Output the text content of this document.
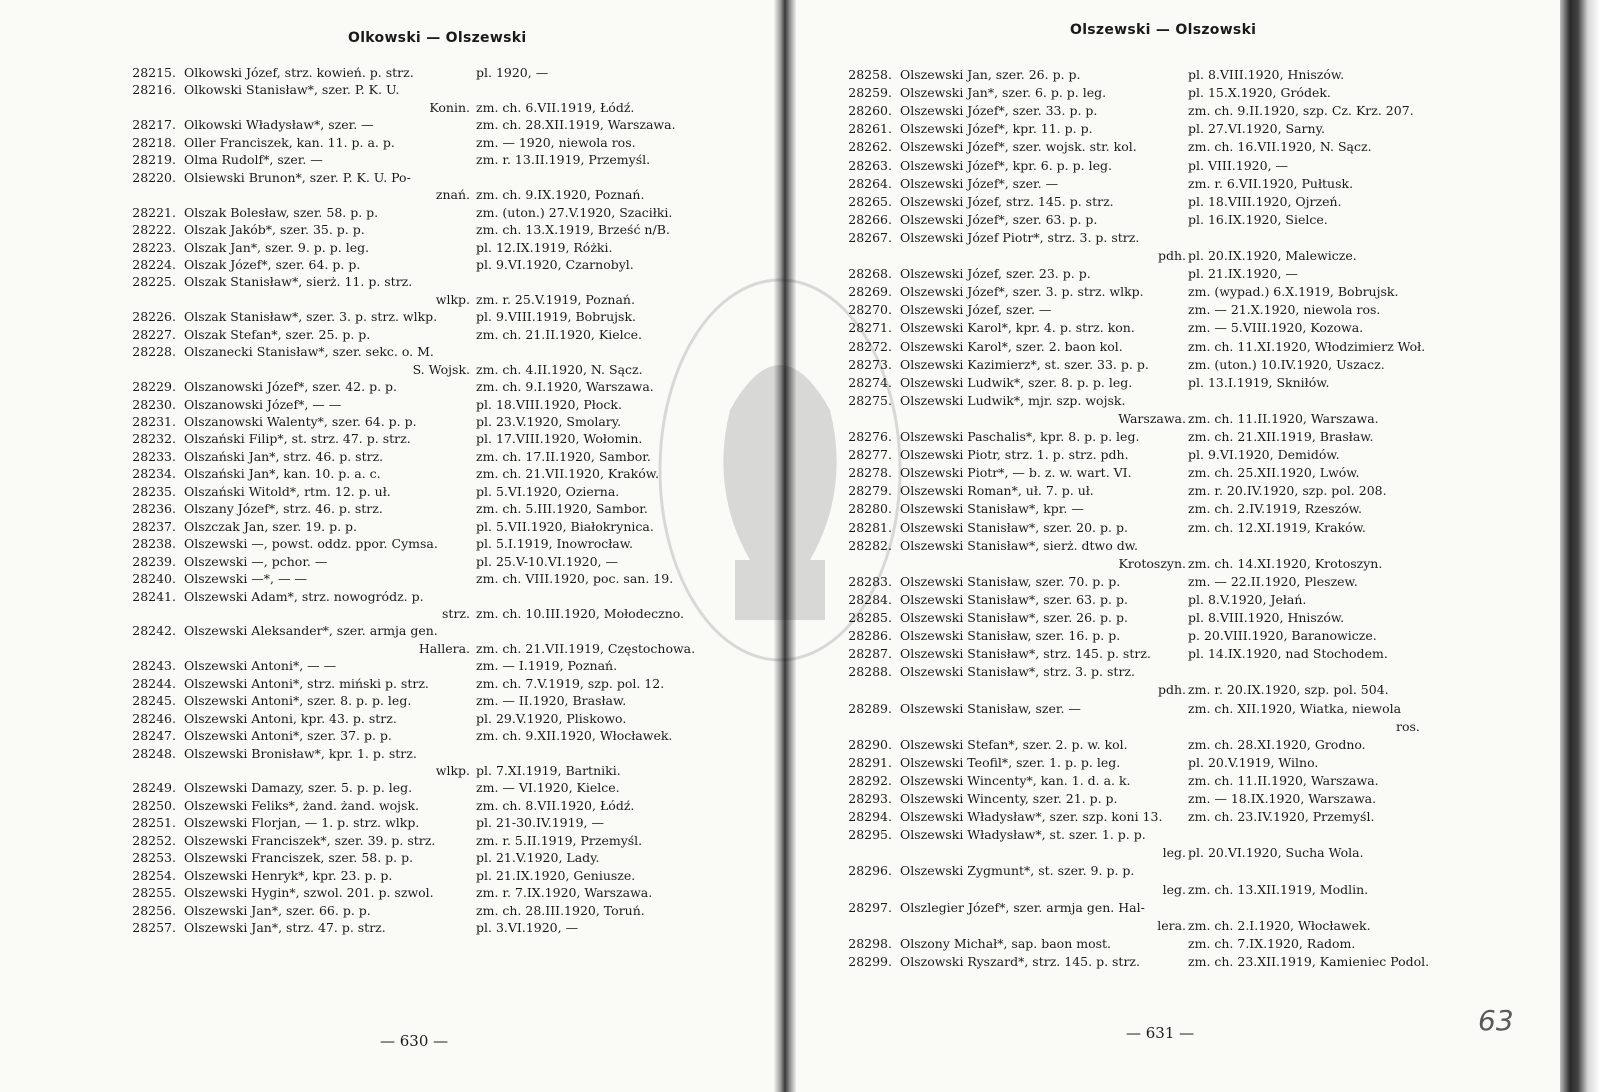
Olkowski — Olszewski
28215. Olkowski Józef, strz. kowień. p. strz.	pl. 1920, —
28216. Olkowski Stanisław*, szer. P. K. U.
Konin. zm. ch. 6.VII.1919, Łódź.
28217. Olkowski Władysław*, szer. —	zm. ch. 28.XII.1919, Warszawa.
28218. Oller Franciszek, kan. 11. p. a. p.	zm. — 1920, niewola ros.
28219. Olma Rudolf*, szer. —	zm. r. 13.II.1919, Przemyśl.
28220. Olsiewski Brunon*, szer. P. K. U. Po-
znań. zm. ch. 9.IX.1920, Poznań.
28221. Olszak Bolesław, szer. 58. p. p.	zm. (uton.) 27.V.1920, Szaciłki.
28222. Olszak Jakób*, szer. 35. p. p.	zm. ch. 13.X.1919, Brześć n/B.
28223. Olszak Jan*, szer. 9. p. p. leg.	pl. 12.IX.1919, Różki.
28224. Olszak Józef*, szer. 64. p. p.	pl. 9.VI.1920, Czarnobyl.
28225. Olszak Stanisław*, sierż. 11. p. strz.
wlkp. zm. r. 25.V.1919, Poznań.
28226. Olszak Stanisław*, szer. 3. p. strz. wlkp.	pl. 9.VIII.1919, Bobrujsk.
28227. Olszak Stefan*, szer. 25. p. p.	zm. ch. 21.II.1920, Kielce.
28228. Olszanecki Stanisław*, szer. sekc. o. M.
S. Wojsk. zm. ch. 4.II.1920, N. Sącz.
28229. Olszanowski Józef*, szer. 42. p. p.	zm. ch. 9.I.1920, Warszawa.
28230. Olszanowski Józef*, — —	pl. 18.VIII.1920, Płock.
28231. Olszanowski Walenty*, szer. 64. p. p.	pl. 23.V.1920, Smolary.
28232. Olszański Filip*, st. strz. 47. p. strz.	pl. 17.VIII.1920, Wołomin.
28233. Olszański Jan*, strz. 46. p. strz.	zm. ch. 17.II.1920, Sambor.
28234. Olszański Jan*, kan. 10. p. a. c.	zm. ch. 21.VII.1920, Kraków.
28235. Olszański Witold*, rtm. 12. p. uł.	pl. 5.VI.1920, Ozierna.
28236. Olszany Józef*, strz. 46. p. strz.	zm. ch. 5.III.1920, Sambor.
28237. Olszczak Jan, szer. 19. p. p.	pl. 5.VII.1920, Białokrynica.
28238. Olszewski —, powst. oddz. ppor. Cymsa.	pl. 5.I.1919, Inowrocław.
28239. Olszewski —, pchor. —	pl. 25.V-10.VI.1920, —
28240. Olszewski —*, — —	zm. ch. VIII.1920, poc. san. 19.
28241. Olszewski Adam*, strz. nowogródz. p.
strz. zm. ch. 10.III.1920, Mołodeczno.
28242. Olszewski Aleksander*, szer. armja gen.
Hallera. zm. ch. 21.VII.1919, Częstochowa.
28243. Olszewski Antoni*, — —	zm. — I.1919, Poznań.
28244. Olszewski Antoni*, strz. miński p. strz.	zm. ch. 7.V.1919, szp. pol. 12.
28245. Olszewski Antoni*, szer. 8. p. p. leg.	zm. — II.1920, Brasław.
28246. Olszewski Antoni, kpr. 43. p. strz.	pl. 29.V.1920, Pliskowo.
28247. Olszewski Antoni*, szer. 37. p. p.	zm. ch. 9.XII.1920, Włocławek.
28248. Olszewski Bronisław*, kpr. 1. p. strz.
wlkp. pl. 7.XI.1919, Bartniki.
28249. Olszewski Damazy, szer. 5. p. p. leg.	zm. — VI.1920, Kielce.
28250. Olszewski Feliks*, żand. żand. wojsk.	zm. ch. 8.VII.1920, Łódź.
28251. Olszewski Florjan, — 1. p. strz. wlkp.	pl. 21-30.IV.1919, —
28252. Olszewski Franciszek*, szer. 39. p. strz.	zm. r. 5.II.1919, Przemyśl.
28253. Olszewski Franciszek, szer. 58. p. p.	pl. 21.V.1920, Lady.
28254. Olszewski Henryk*, kpr. 23. p. p.	pl. 21.IX.1920, Geniusze.
28255. Olszewski Hygin*, szwol. 201. p. szwol.	zm. r. 7.IX.1920, Warszawa.
28256. Olszewski Jan*, szer. 66. p. p.	zm. ch. 28.III.1920, Toruń.
28257. Olszewski Jan*, strz. 47. p. strz.	pl. 3.VI.1920, —
— 630 —
Olszewski — Olszowski
28258. Olszewski Jan, szer. 26. p. p.	pl. 8.VIII.1920, Hniszów.
28259. Olszewski Jan*, szer. 6. p. p. leg.	pl. 15.X.1920, Gródek.
28260. Olszewski Józef*, szer. 33. p. p.	zm. ch. 9.II.1920, szp. Cz. Krz. 207.
28261. Olszewski Józef*, kpr. 11. p. p.	pl. 27.VI.1920, Sarny.
28262. Olszewski Józef*, szer. wojsk. str. kol.	zm. ch. 16.VII.1920, N. Sącz.
28263. Olszewski Józef*, kpr. 6. p. p. leg.	pl. VIII.1920, —
28264. Olszewski Józef*, szer. —	zm. r. 6.VII.1920, Pułtusk.
28265. Olszewski Józef, strz. 145. p. strz.	pl. 18.VIII.1920, Ojrzeń.
28266. Olszewski Józef*, szer. 63. p. p.	pl. 16.IX.1920, Sielce.
28267. Olszewski Józef Piotr*, strz. 3. p. strz.
pdh. pl. 20.IX.1920, Malewicze.
28268. Olszewski Józef, szer. 23. p. p.	pl. 21.IX.1920, —
28269. Olszewski Józef*, szer. 3. p. strz. wlkp.	zm. (wypad.) 6.X.1919, Bobrujsk.
28270. Olszewski Józef, szer. —	zm. — 21.X.1920, niewola ros.
28271. Olszewski Karol*, kpr. 4. p. strz. kon.	zm. — 5.VIII.1920, Kozowa.
28272. Olszewski Karol*, szer. 2. baon kol.	zm. ch. 11.XI.1920, Włodzimierz Woł.
28273. Olszewski Kazimierz*, st. szer. 33. p. p.	zm. (uton.) 10.IV.1920, Uszacz.
28274. Olszewski Ludwik*, szer. 8. p. p. leg.	pl. 13.I.1919, Skniłów.
28275. Olszewski Ludwik*, mjr. szp. wojsk.
Warszawa. zm. ch. 11.II.1920, Warszawa.
28276. Olszewski Paschalis*, kpr. 8. p. p. leg.	zm. ch. 21.XII.1919, Brasław.
28277. Olszewski Piotr, strz. 1. p. strz. pdh.	pl. 9.VI.1920, Demidów.
28278. Olszewski Piotr*, — b. z. w. wart. VI.	zm. ch. 25.XII.1920, Lwów.
28279. Olszewski Roman*, uł. 7. p. uł.	zm. r. 20.IV.1920, szp. pol. 208.
28280. Olszewski Stanisław*, kpr. —	zm. ch. 2.IV.1919, Rzeszów.
28281. Olszewski Stanisław*, szer. 20. p. p.	zm. ch. 12.XI.1919, Kraków.
28282. Olszewski Stanisław*, sierż. dtwo dw.
Krotoszyn. zm. ch. 14.XI.1920, Krotoszyn.
28283. Olszewski Stanisław, szer. 70. p. p.	zm. — 22.II.1920, Pleszew.
28284. Olszewski Stanisław*, szer. 63. p. p.	pl. 8.V.1920, Jełań.
28285. Olszewski Stanisław*, szer. 26. p. p.	pl. 8.VIII.1920, Hniszów.
28286. Olszewski Stanisław, szer. 16. p. p.	p. 20.VIII.1920, Baranowicze.
28287. Olszewski Stanisław*, strz. 145. p. strz.	pl. 14.IX.1920, nad Stochodem.
28288. Olszewski Stanisław*, strz. 3. p. strz.
pdh. zm. r. 20.IX.1920, szp. pol. 504.
28289. Olszewski Stanisław, szer. —	zm. ch. XII.1920, Wiatka, niewola
ros.
28290. Olszewski Stefan*, szer. 2. p. w. kol.	zm. ch. 28.XI.1920, Grodno.
28291. Olszewski Teofil*, szer. 1. p. p. leg.	pl. 20.V.1919, Wilno.
28292. Olszewski Wincenty*, kan. 1. d. a. k.	zm. ch. 11.II.1920, Warszawa.
28293. Olszewski Wincenty, szer. 21. p. p.	zm. — 18.IX.1920, Warszawa.
28294. Olszewski Władysław*, szer. szp. koni 13. zm. ch. 23.IV.1920, Przemyśl.
28295. Olszewski Władysław*, st. szer. 1. p. p.
leg. pl. 20.VI.1920, Sucha Wola.
28296. Olszewski Zygmunt*, st. szer. 9. p. p.
leg. zm. ch. 13.XII.1919, Modlin.
28297. Olszlegier Józef*, szer. armja gen. Hal-
lera. zm. ch. 2.I.1920, Włocławek.
28298. Olszony Michał*, sap. baon most.	zm. ch. 7.IX.1920, Radom.
28299. Olszowski Ryszard*, strz. 145. p. strz.	zm. ch. 23.XII.1919, Kamieniec Podol.
— 631 —	63
